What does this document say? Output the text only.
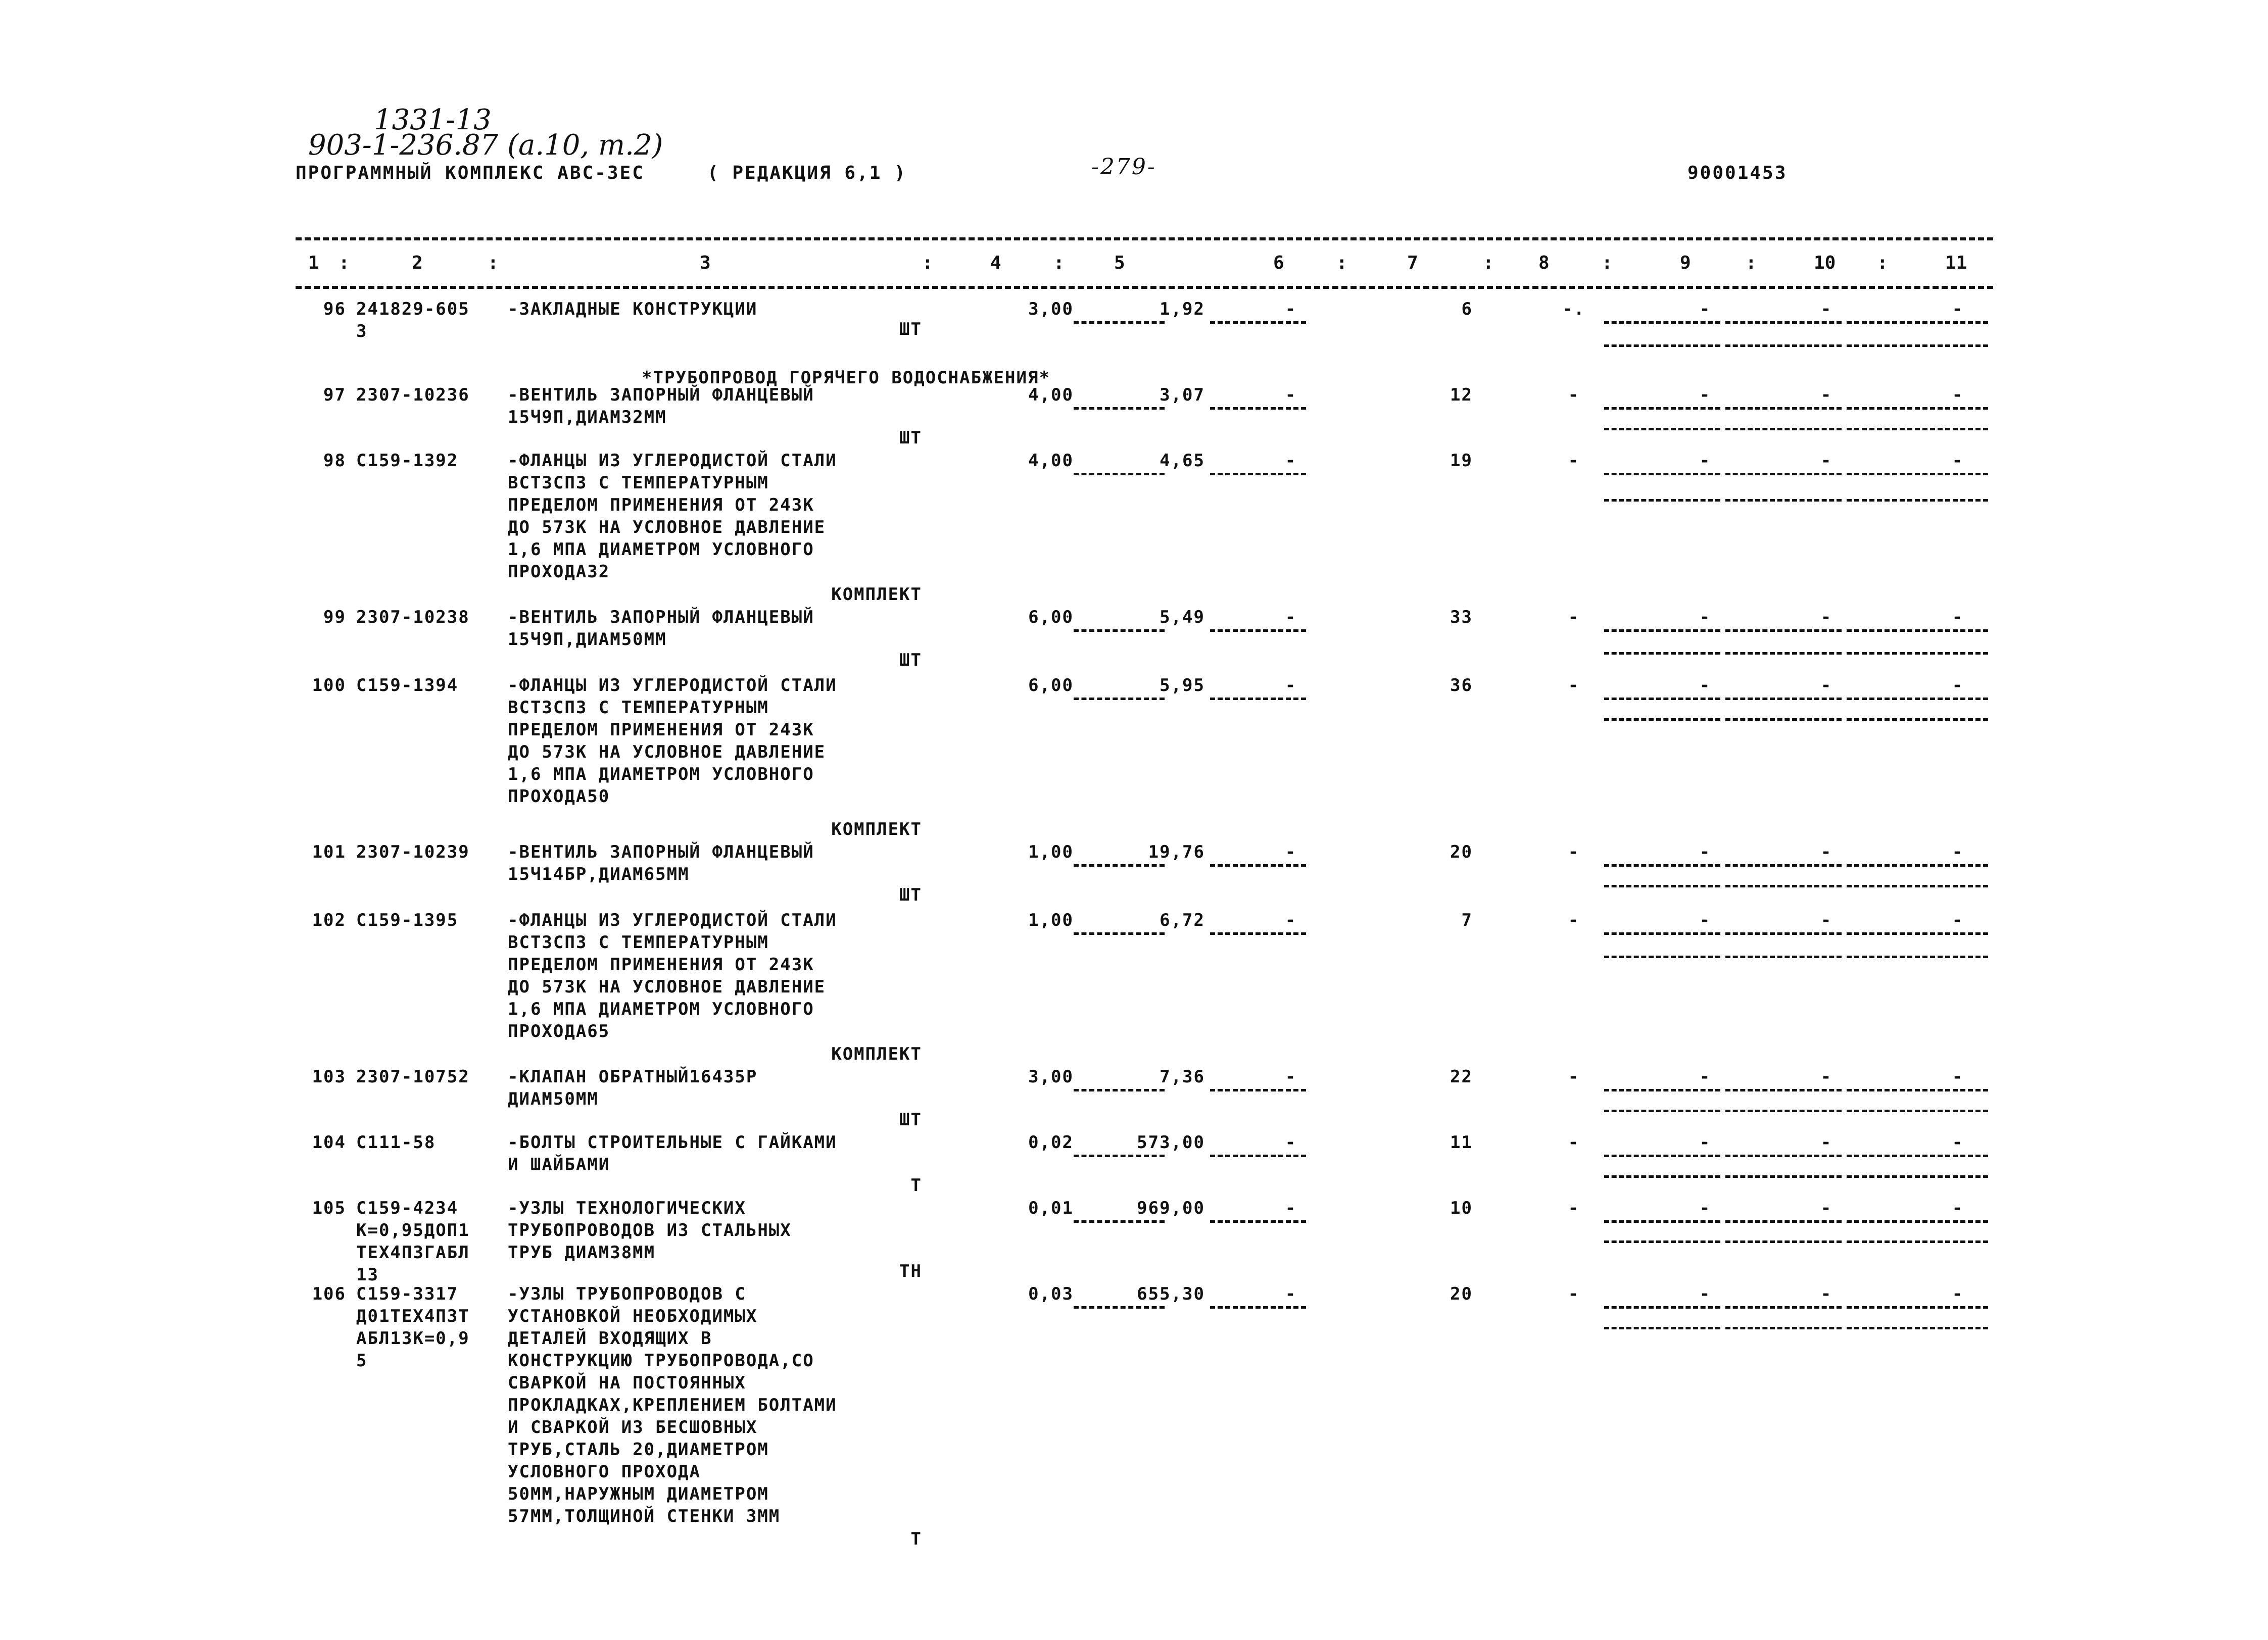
1331-13
903-1-236.87 (a.10, т.2)
ПРОГРАММНЫЙ КОМПЛЕКС АВС-ЗЕС	( РЕДАКЦИЯ 6,1 )	-279-	90001453
1 :	2	:	3	:	4	:	5	6	:	7	: 8	:	9	:	10 :	11
*ТРУБОПРОВОД ГОРЯЧЕГО ВОДОСНАБЖЕНИЯ*
96 241829-605
3
-ЗАКЛАДНЫЕ КОНСТРУКЦИИ
ШТ
3,00	1,92	-	6	-.	-	-	-
97 2307-10236	-ВЕНТИЛЬ ЗАПОРНЫЙ ФЛАНЦЕВЫЙ
15Ч9П,ДИАМ32ММ
ШТ
4,00	3,07	-	12	-	-	-	-
98 С159-1392	-ФЛАНЦЫ ИЗ УГЛЕРОДИСТОЙ СТАЛИ
ВСТ3СП3 С ТЕМПЕРАТУРНЫМ
ПРЕДЕЛОМ ПРИМЕНЕНИЯ ОТ 243К
ДО 573К НА УСЛОВНОЕ ДАВЛЕНИЕ
1,6 МПА ДИАМЕТРОМ УСЛОВНОГО
ПРОХОДА32
КОМПЛЕКТ
4,00	4,65	-	19	-	-	-	-
99 2307-10238	-ВЕНТИЛЬ ЗАПОРНЫЙ ФЛАНЦЕВЫЙ
15Ч9П,ДИАМ50ММ
ШТ
6,00	5,49	-	33	-	-	-	-
100 С159-1394	-ФЛАНЦЫ ИЗ УГЛЕРОДИСТОЙ СТАЛИ
ВСТ3СП3 С ТЕМПЕРАТУРНЫМ
ПРЕДЕЛОМ ПРИМЕНЕНИЯ ОТ 243К
ДО 573К НА УСЛОВНОЕ ДАВЛЕНИЕ
1,6 МПА ДИАМЕТРОМ УСЛОВНОГО
ПРОХОДА50
КОМПЛЕКТ
6,00	5,95	-	36	-	-	-	-
101 2307-10239	-ВЕНТИЛЬ ЗАПОРНЫЙ ФЛАНЦЕВЫЙ
15Ч14БР,ДИАМ65ММ
ШТ
1,00	19,76	-	20	-	-	-	-
102 С159-1395	-ФЛАНЦЫ ИЗ УГЛЕРОДИСТОЙ СТАЛИ
ВСТ3СП3 С ТЕМПЕРАТУРНЫМ
ПРЕДЕЛОМ ПРИМЕНЕНИЯ ОТ 243К
ДО 573К НА УСЛОВНОЕ ДАВЛЕНИЕ
1,6 МПА ДИАМЕТРОМ УСЛОВНОГО
ПРОХОДА65
КОМПЛЕКТ
1,00	6,72	-	7	-	-	-	-
103 2307-10752	-КЛАПАН ОБРАТНЫЙ16435Р
ДИАМ50ММ
ШТ
3,00	7,36	-	22	-	-	-	-
104 С111-58	-БОЛТЫ СТРОИТЕЛЬНЫЕ С ГАЙКАМИ
И ШАЙБАМИ
Т
0,02	573,00	-	11	-	-	-	-
105 С159-4234
К=0,95ДОП1
ТЕХ4П3ГАБЛ
13
-УЗЛЫ ТЕХНОЛОГИЧЕСКИХ
ТРУБОПРОВОДОВ ИЗ СТАЛЬНЫХ
ТРУБ ДИАМ38ММ
ТН
0,01	969,00	-	10	-	-	-	-
106 С159-3317
Д01ТЕХ4П3Т
АБЛ13К=0,9
5
-УЗЛЫ ТРУБОПРОВОДОВ С
УСТАНОВКОЙ НЕОБХОДИМЫХ
ДЕТАЛЕЙ ВХОДЯЩИХ В
КОНСТРУКЦИЮ ТРУБОПРОВОДА,СО
СВАРКОЙ НА ПОСТОЯННЫХ
ПРОКЛАДКАХ,КРЕПЛЕНИЕМ БОЛТАМИ
И СВАРКОЙ ИЗ БЕСШОВНЫХ
ТРУБ,СТАЛЬ 20,ДИАМЕТРОМ
УСЛОВНОГО ПРОХОДА
50ММ,НАРУЖНЫМ ДИАМЕТРОМ
57ММ,ТОЛЩИНОЙ СТЕНКИ 3ММ
Т
0,03	655,30	-	20	-	-	-	-
